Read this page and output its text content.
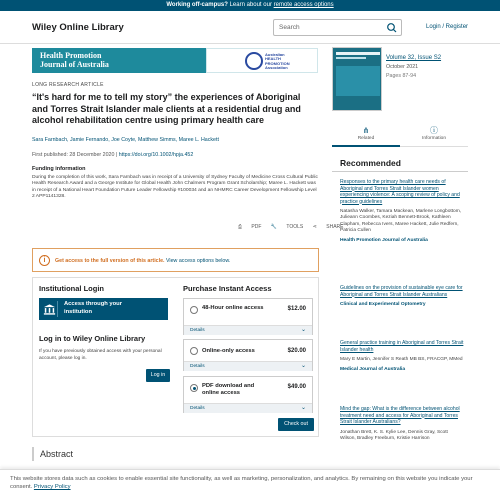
Working off-campus? Learn about our remote access options
Wiley Online Library	Search	Login / Register
Health Promotion
Journal of Australia
Australian
HEALTH
PROMOTION
Association
LONG RESEARCH ARTICLE
“It's hard for me to tell my story” the experiences of Aboriginal and Torres Strait Islander male clients at a residential drug and alcohol rehabilitation centre using primary health care
Sara Farnbach, Jamie Fernando, Joe Coyte, Matthew Simms, Maree L. Hackett
First published: 28 December 2020 | https://doi.org/10.1002/hpja.452
Funding information
During the completion of this work, Sara Farnbach was in receipt of a University of Sydney Faculty of Medicine Cross Cultural Public Health Research Award and a George Institute for Global Health John Chalmers Program Grant Scholarship; Maree L. Hackett was in receipt of a National Heart Foundation Future Leader Fellowship #100034 and an NHMRC Career Development Fellowship Level 2 APP1141328.
⎙ PDF 🔧 TOOLS ⋖ SHARE
i	Get access to the full version of this article. View access options below.
Institutional Login
Access through your
institution
Log in to Wiley Online Library
If you have previously obtained access with your personal account, please log in.
Log in
Purchase Instant Access
48-Hour online access	$12.00
Details	⌄
Online-only access	$20.00
Details	⌄
PDF download and online access
$49.00
Details	⌄
Check out
Abstract
Volume 32, Issue S2
October 2021
Pages 87-94
⋔
Related
ⓘ
Information
Recommended
Responses to the primary health care needs of Aboriginal and Torres Strait Islander women experiencing violence: A scoping review of policy and practice guidelines
Natasha Walker, Tamara Mackean, Marlene Longbottom, Julieann Coombes, Keziah Bennett-Brook, Kathleen Clapham, Rebecca Ivers, Maree Hackett, Julie Redfern, Patricia Cullen
Health Promotion Journal of Australia
Guidelines on the provision of sustainable eye care for Aboriginal and Torres Strait Islander Australians
Clinical and Experimental Optometry
General practice training in Aboriginal and Torres Strait Islander health
Mary E Martin, Jennifer S Reath MB BS, FRACGP, MMed
Medical Journal of Australia
Mind the gap: What is the difference between alcohol treatment need and access for Aboriginal and Torres Strait Islander Australians?
Jonathan Brett, K. S. Kylie Lee, Dennis Gray, Scott Wilson, Bradley Freeburn, Kristie Harrison
This website stores data such as cookies to enable essential site functionality, as well as marketing, personalization, and analytics. By remaining on this website you indicate your consent. Privacy Policy
